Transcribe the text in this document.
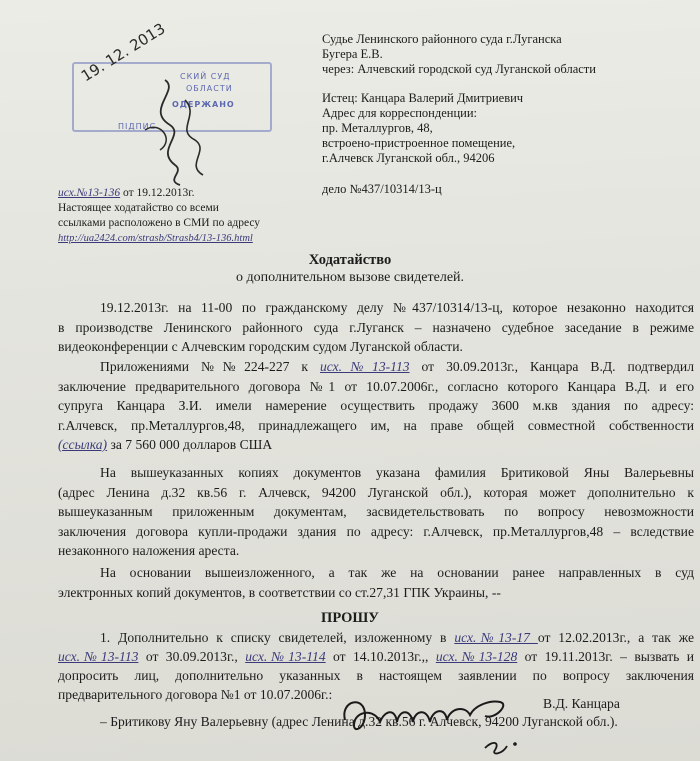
СКИЙ СУД
ОБЛАСТИ
ОДЕРЖАНО
ПІДПИС
19. 12. 2013	Судье Ленинского районного суда г.Луганска
Бугера Е.В.
через: Алчевский городской суд Луганской области
Истец: Канцара Валерий Дмитриевич
Адрес для корреспонденции:
пр. Металлургов, 48,
встроено-пристроенное помещение,
г.Алчевск Луганской обл., 94206
дело №437/10314/13-ц
исх.№13-136 от 19.12.2013г.
Настоящее ходатайство со всеми
ссылками расположено в СМИ по адресу
http://ua2424.com/strasb/Strasb4/13-136.html
Ходатайство
о дополнительном вызове свидетелей.
19.12.2013г. на 11-00 по гражданскому делу №437/10314/13-ц, которое незаконно находится
в производстве Ленинского районного суда г.Луганск – назначено судебное заседание в режиме
видеоконференции с Алчевским городским судом Луганской области.
Приложениями №№224-227 к исх.№13-113 от 30.09.2013г., Канцара В.Д. подтвердил
заключение предварительного договора №1 от 10.07.2006г., согласно которого Канцара В.Д. и его
супруга Канцара З.И. имели намерение осуществить продажу 3600 м.кв здания по адресу:
г.Алчевск, пр.Металлургов,48, принадлежащего им, на праве общей совместной собственности
(ссылка) за 7 560 000 долларов США
На вышеуказанных копиях документов указана фамилия Бритиковой Яны Валерьевны
(адрес Ленина д.32 кв.56 г. Алчевск, 94200 Луганской обл.), которая может дополнительно к
вышеуказанным приложенным документам, засвидетельствовать по вопросу невозможности
заключения договора купли-продажи здания по адресу: г.Алчевск, пр.Металлургов,48 – вследствие
незаконного наложения ареста.
На основании вышеизложенного, а так же на основании ранее направленных в суд
электронных копий документов, в соответствии со ст.27,31 ГПК Украины, --
ПРОШУ
1. Дополнительно к списку свидетелей, изложенному в исх.№13-17 от 12.02.2013г., а так же
исх.№13-113 от 30.09.2013г., исх.№13-114 от 14.10.2013г.,, исх.№13-128 от 19.11.2013г. – вызвать и
допросить лиц, дополнительно указанных в настоящем заявлении по вопросу заключения
предварительного договора №1 от 10.07.2006г.:
– Бритикову Яну Валерьевну (адрес Ленина д.32 кв.56 г. Алчевск, 94200 Луганской обл.).
В.Д. Канцара
